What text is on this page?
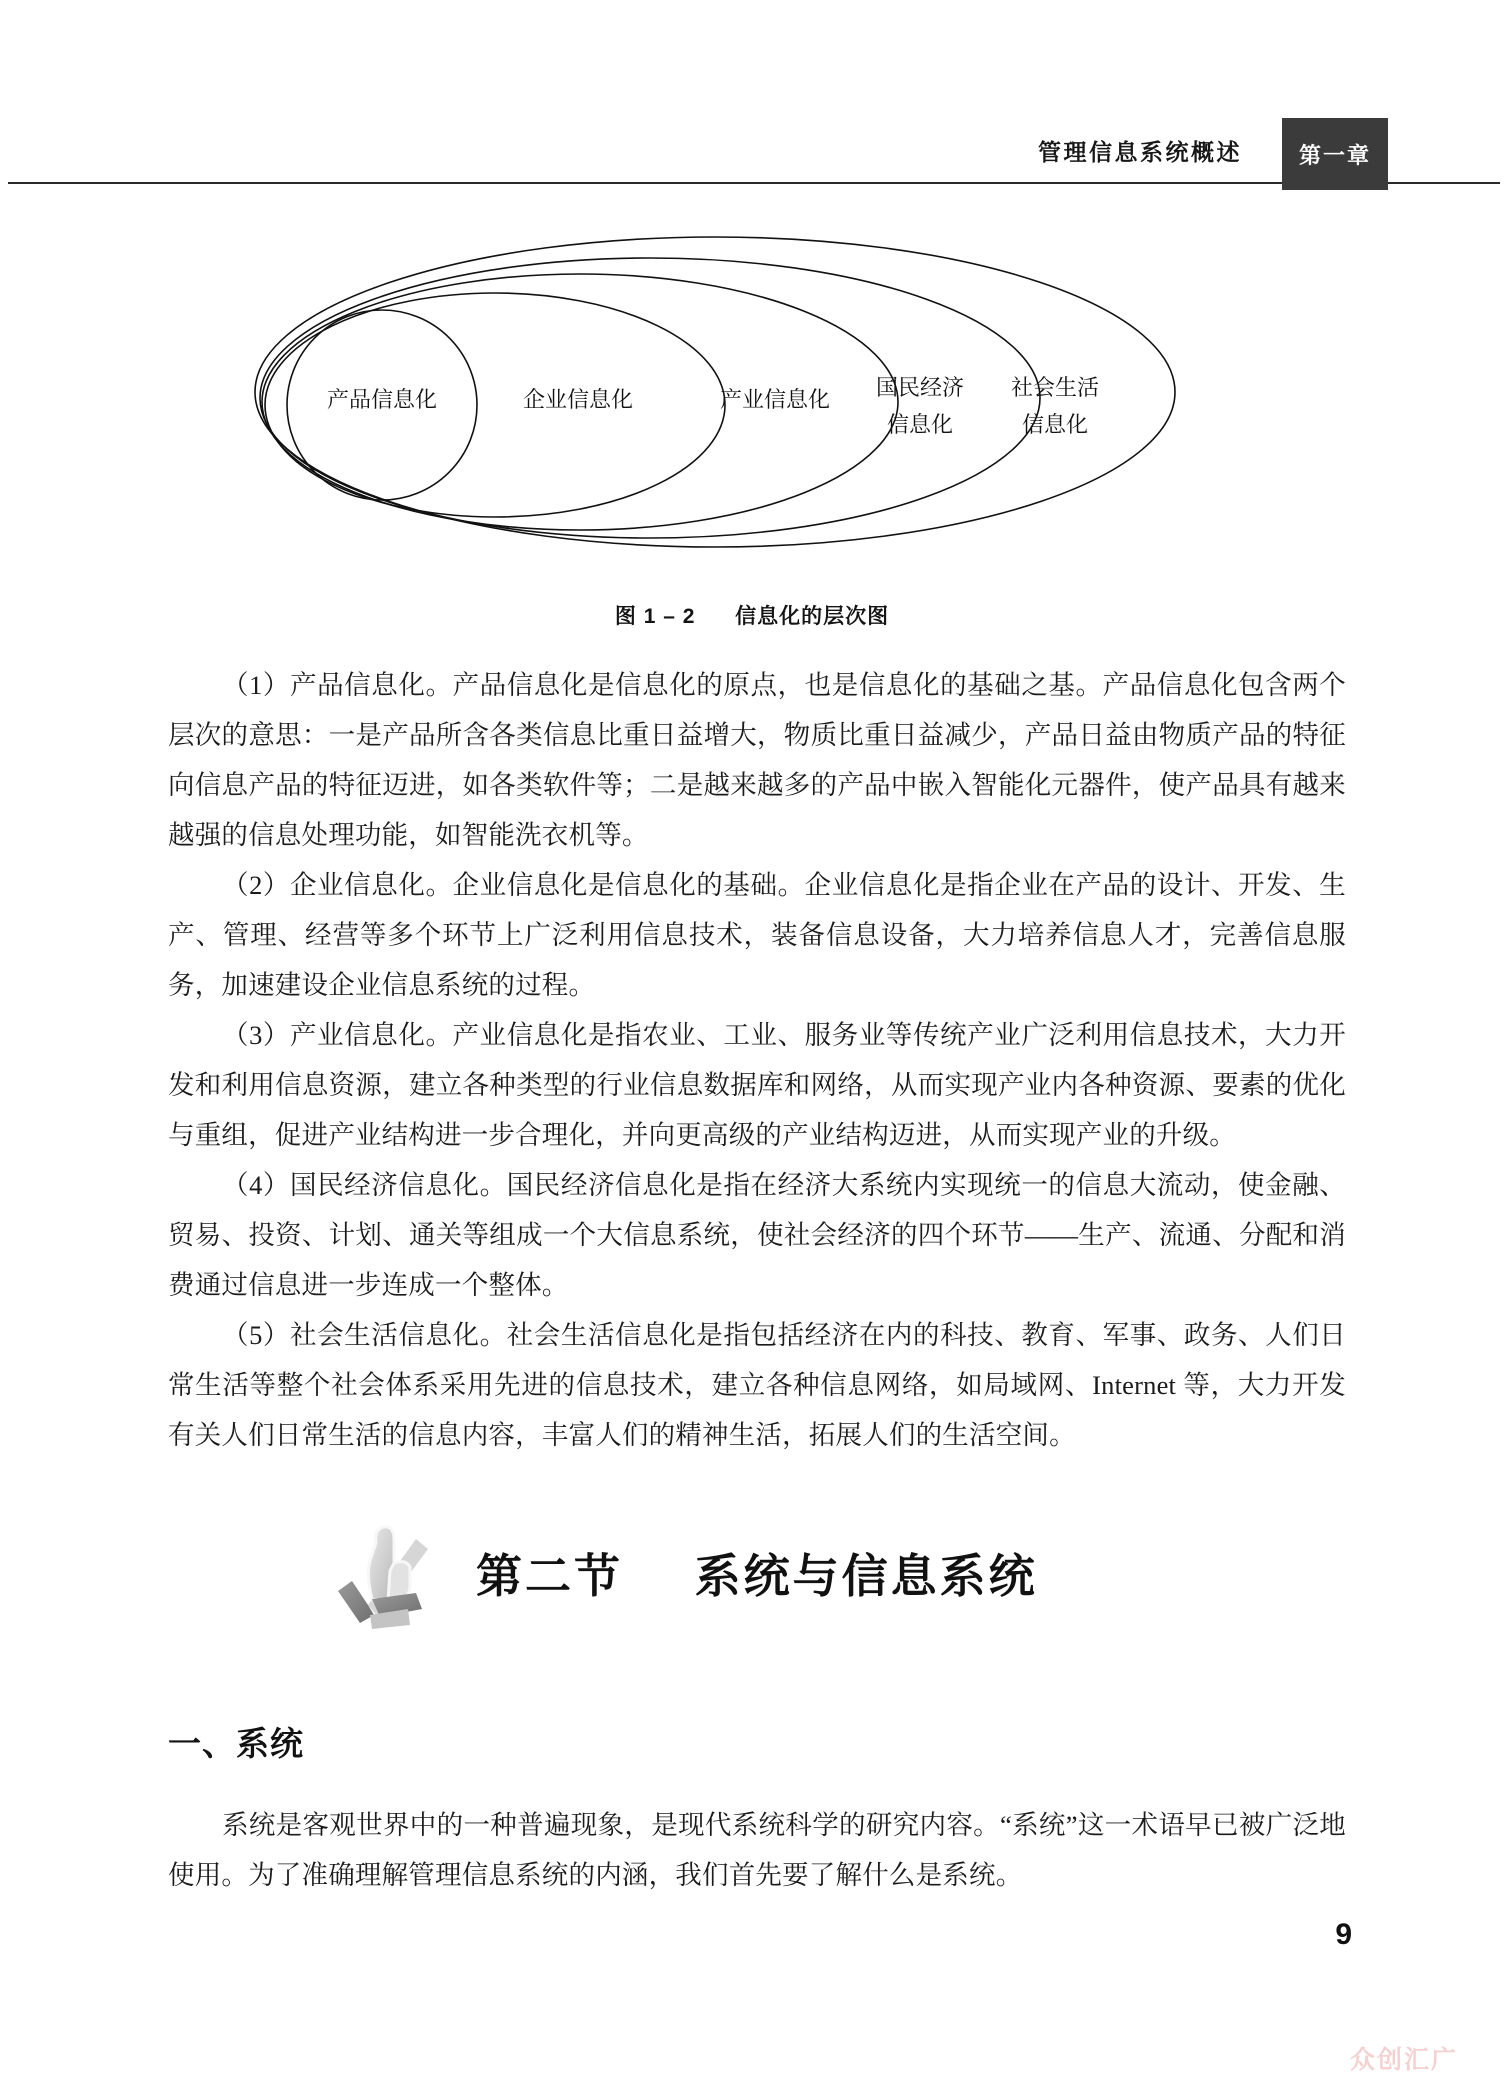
管理信息系统概述	第一章
产品信息化	企业信息化	产业信息化 国民经济
信息化
社会生活
信息化
图 1 – 2 信息化的层次图

（1）产品信息化。产品信息化是信息化的原点，也是信息化的基础之基。产品信息化包含两个层次的意思：一是产品所含各类信息比重日益增大，物质比重日益减少，产品日益由物质产品的特征向信息产品的特征迈进，如各类软件等；二是越来越多的产品中嵌入智能化元器件，使产品具有越来越强的信息处理功能，如智能洗衣机等。

（2）企业信息化。企业信息化是信息化的基础。企业信息化是指企业在产品的设计、开发、生产、管理、经营等多个环节上广泛利用信息技术，装备信息设备，大力培养信息人才，完善信息服务，加速建设企业信息系统的过程。

（3）产业信息化。产业信息化是指农业、工业、服务业等传统产业广泛利用信息技术，大力开发和利用信息资源，建立各种类型的行业信息数据库和网络，从而实现产业内各种资源、要素的优化与重组，促进产业结构进一步合理化，并向更高级的产业结构迈进，从而实现产业的升级。

（4）国民经济信息化。国民经济信息化是指在经济大系统内实现统一的信息大流动，使金融、贸易、投资、计划、通关等组成一个大信息系统，使社会经济的四个环节——生产、流通、分配和消费通过信息进一步连成一个整体。

（5）社会生活信息化。社会生活信息化是指包括经济在内的科技、教育、军事、政务、人们日常生活等整个社会体系采用先进的信息技术，建立各种信息网络，如局域网、Internet 等，大力开发有关人们日常生活的信息内容，丰富人们的精神生活，拓展人们的生活空间。

第二节 系统与信息系统
一、系统

系统是客观世界中的一种普遍现象，是现代系统科学的研究内容。“系统”这一术语早已被广泛地使用。为了准确理解管理信息系统的内涵，我们首先要了解什么是系统。

9
众创汇广
